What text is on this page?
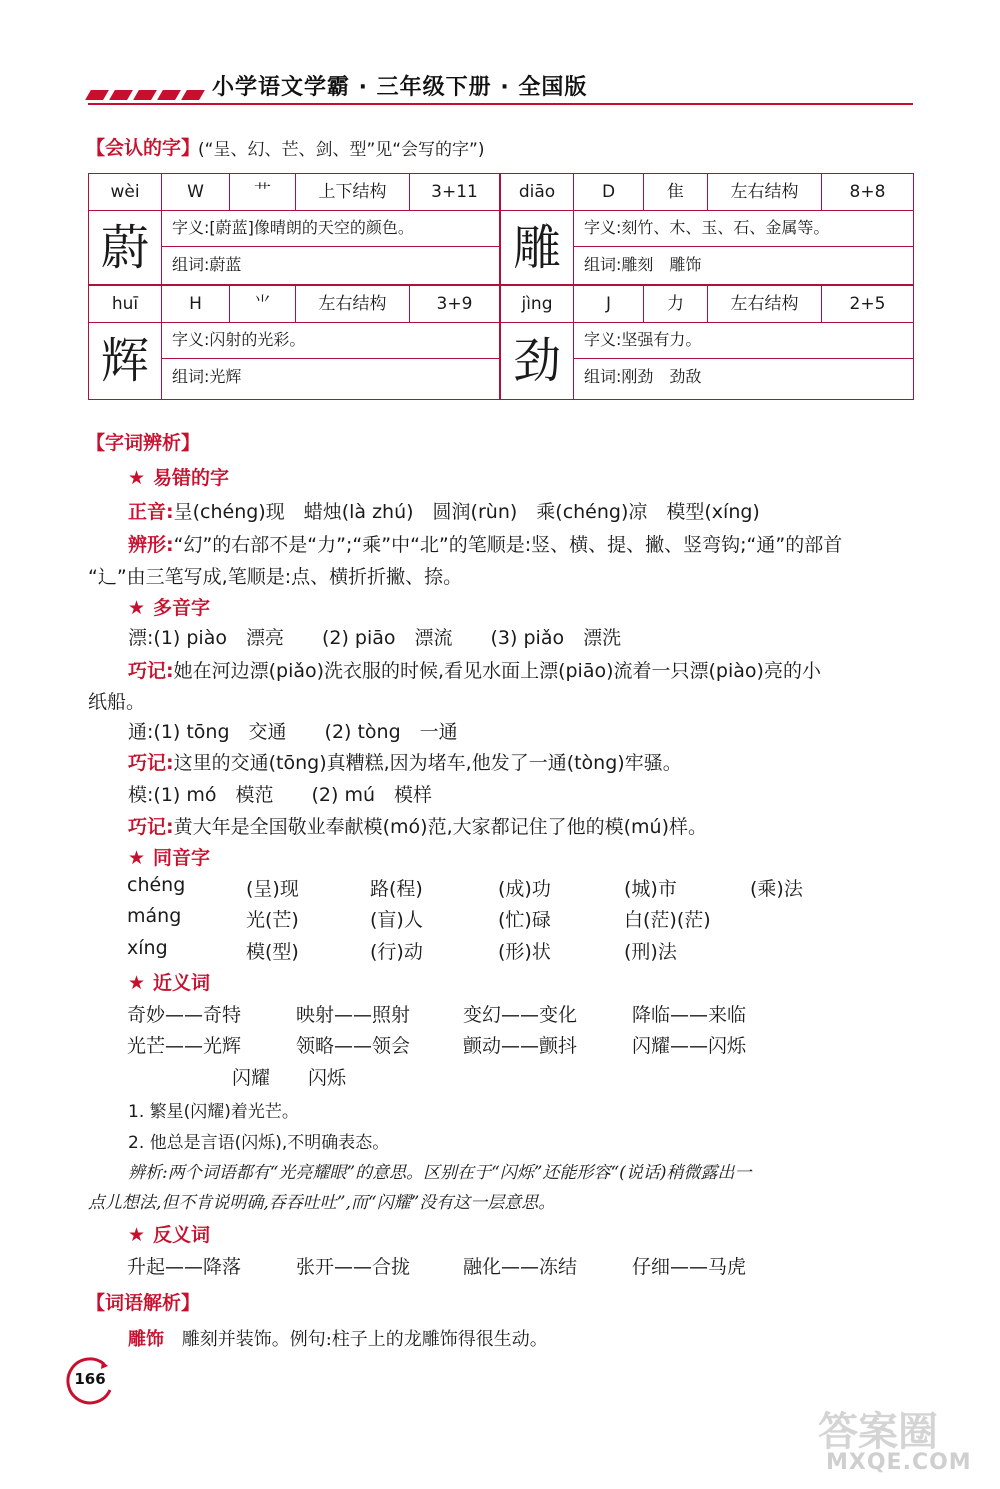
小学语文学霸 · 三年级下册 · 全国版
【会认的字】
(“呈、幻、芒、剑、型”见“会写的字”)
wèi	W	艹	上下结构	3+11
蔚	字义:[蔚蓝]像晴朗的天空的颜色。
组词:蔚蓝
diāo	D	隹	左右结构	8+8
雕	字义:刻竹、木、玉、石、金属等。
组词:雕刻　雕饰
huī	H	⺌	左右结构	3+9
辉	字义:闪射的光彩。
组词:光辉
jìng	J	力	左右结构	2+5
劲	字义:坚强有力。
组词:刚劲　劲敌
【字词辨析】
★ 易错的字
正音:呈(chéng)现　蜡烛(là zhú)　圆润(rùn)　乘(chéng)凉　模型(xíng)
辨形:“幻”的右部不是“力”;“乘”中“北”的笔顺是:竖、横、提、撇、竖弯钩;“通”的部首
“辶”由三笔写成,笔顺是:点、横折折撇、捺。
★ 多音字
漂:(1) piào　漂亮　　(2) piāo　漂流　　(3) piǎo　漂洗
巧记:她在河边漂(piǎo)洗衣服的时候,看见水面上漂(piāo)流着一只漂(piào)亮的小
纸船。
通:(1) tōng　交通　　(2) tòng　一通
巧记:这里的交通(tōng)真糟糕,因为堵车,他发了一通(tòng)牢骚。
模:(1) mó　模范　　(2) mú　模样
巧记:黄大年是全国敬业奉献模(mó)范,大家都记住了他的模(mú)样。
★ 同音字
chéng	(呈)现	路(程)	(成)功	(城)市	(乘)法
máng	光(芒)	(盲)人	(忙)碌	白(茫)(茫)
xíng	模(型)	(行)动	(形)状	(刑)法
★ 近义词
奇妙——奇特	映射——照射	变幻——变化	降临——来临
光芒——光辉	领略——领会	颤动——颤抖	闪耀——闪烁
闪耀　　闪烁
1. 繁星(闪耀)着光芒。
2. 他总是言语(闪烁),不明确表态。
辨析:两个词语都有“光亮耀眼”的意思。区别在于“闪烁”还能形容“(说话)稍微露出一
点儿想法,但不肯说明确,吞吞吐吐”,而“闪耀”没有这一层意思。
★ 反义词
升起——降落	张开——合拢	融化——冻结	仔细——马虎
【词语解析】
雕饰 雕刻并装饰。例句:柱子上的龙雕饰得很生动。
166
答案圈
MXQE.COM
